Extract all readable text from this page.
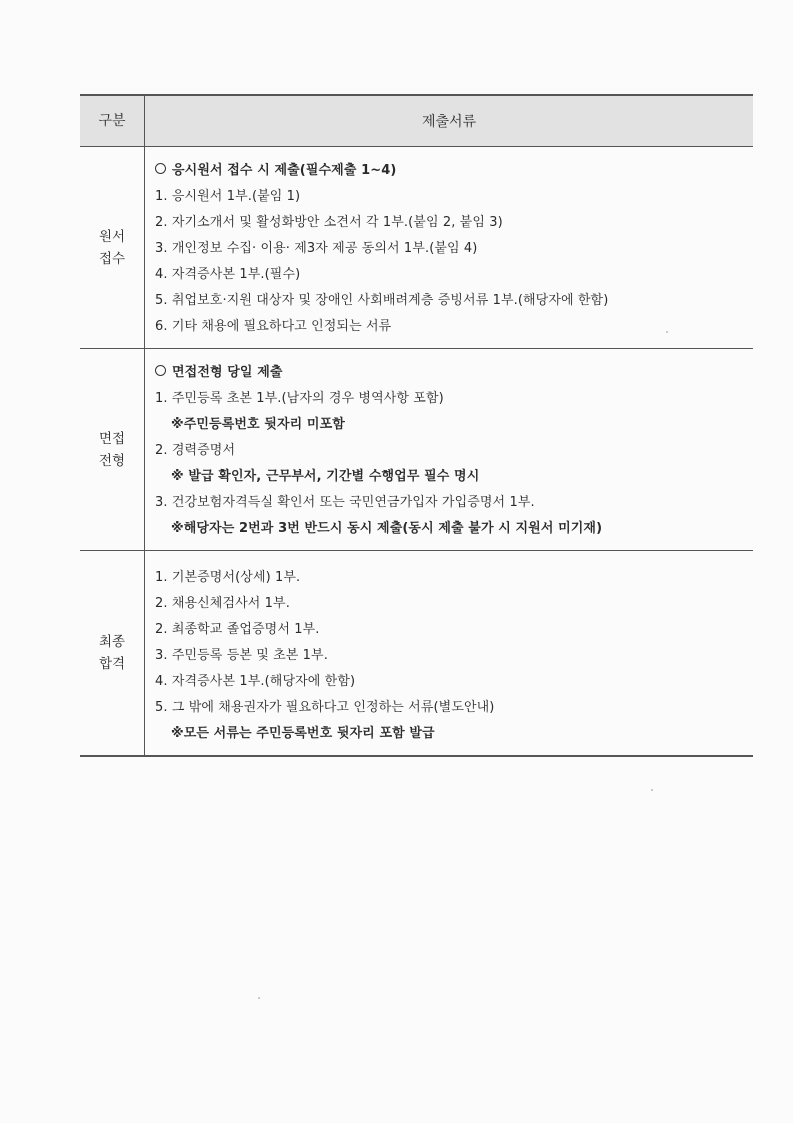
구분	제출서류
원서
접수
응시원서 접수 시 제출(필수제출 1~4)
1. 응시원서 1부.(붙임 1)
2. 자기소개서 및 활성화방안 소견서 각 1부.(붙임 2, 붙임 3)
3. 개인정보 수집· 이용· 제3자 제공 동의서 1부.(붙임 4)
4. 자격증사본 1부.(필수)
5. 취업보호·지원 대상자 및 장애인 사회배려계층 증빙서류 1부.(해당자에 한함)
6. 기타 채용에 필요하다고 인정되는 서류
면접
전형
면접전형 당일 제출
1. 주민등록 초본 1부.(남자의 경우 병역사항 포함)
※주민등록번호 뒷자리 미포함
2. 경력증명서
※ 발급 확인자, 근무부서, 기간별 수행업무 필수 명시
3. 건강보험자격득실 확인서 또는 국민연금가입자 가입증명서 1부.
※해당자는 2번과 3번 반드시 동시 제출(동시 제출 불가 시 지원서 미기재)
최종
합격
1. 기본증명서(상세) 1부.
2. 채용신체검사서 1부.
2. 최종학교 졸업증명서 1부.
3. 주민등록 등본 및 초본 1부.
4. 자격증사본 1부.(해당자에 한함)
5. 그 밖에 채용권자가 필요하다고 인정하는 서류(별도안내)
※모든 서류는 주민등록번호 뒷자리 포함 발급
